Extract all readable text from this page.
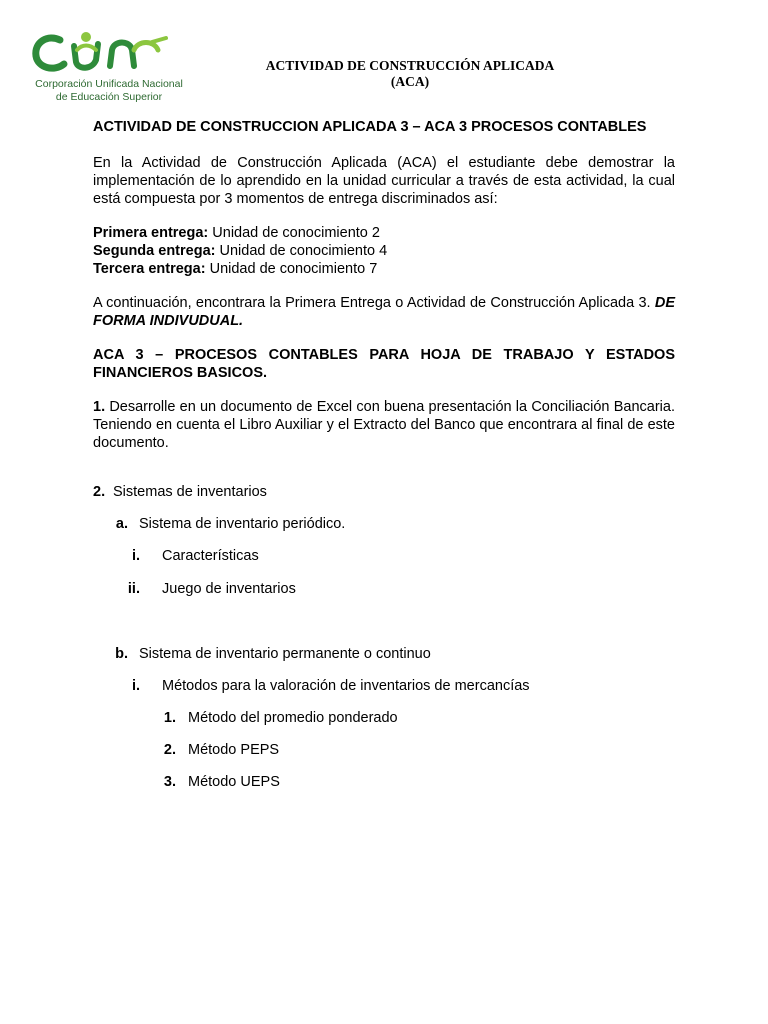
Corporación Unificada Nacional
de Educación Superior
ACTIVIDAD DE CONSTRUCCIÓN APLICADA
(ACA)

ACTIVIDAD DE CONSTRUCCION APLICADA 3 – ACA 3 PROCESOS CONTABLES

En la Actividad de Construcción Aplicada (ACA) el estudiante debe demostrar la implementación de lo aprendido en la unidad curricular a través de esta actividad, la cual está compuesta por 3 momentos de entrega discriminados así:

Primera entrega: Unidad de conocimiento 2

Segunda entrega: Unidad de conocimiento 4

Tercera entrega: Unidad de conocimiento 7

A continuación, encontrara la Primera Entrega o Actividad de Construcción Aplicada 3. DE FORMA INDIVUDUAL.

ACA 3 – PROCESOS CONTABLES PARA HOJA DE TRABAJO Y ESTADOS FINANCIEROS BASICOS.

1. Desarrolle en un documento de Excel con buena presentación la Conciliación Bancaria. Teniendo en cuenta el Libro Auxiliar y el Extracto del Banco que encontrara al final de este documento.

2. Sistemas de inventarios
a. Sistema de inventario periódico.
i. Características
ii. Juego de inventarios
b. Sistema de inventario permanente o continuo
i. Métodos para la valoración de inventarios de mercancías
1. Método del promedio ponderado
2. Método PEPS
3. Método UEPS
